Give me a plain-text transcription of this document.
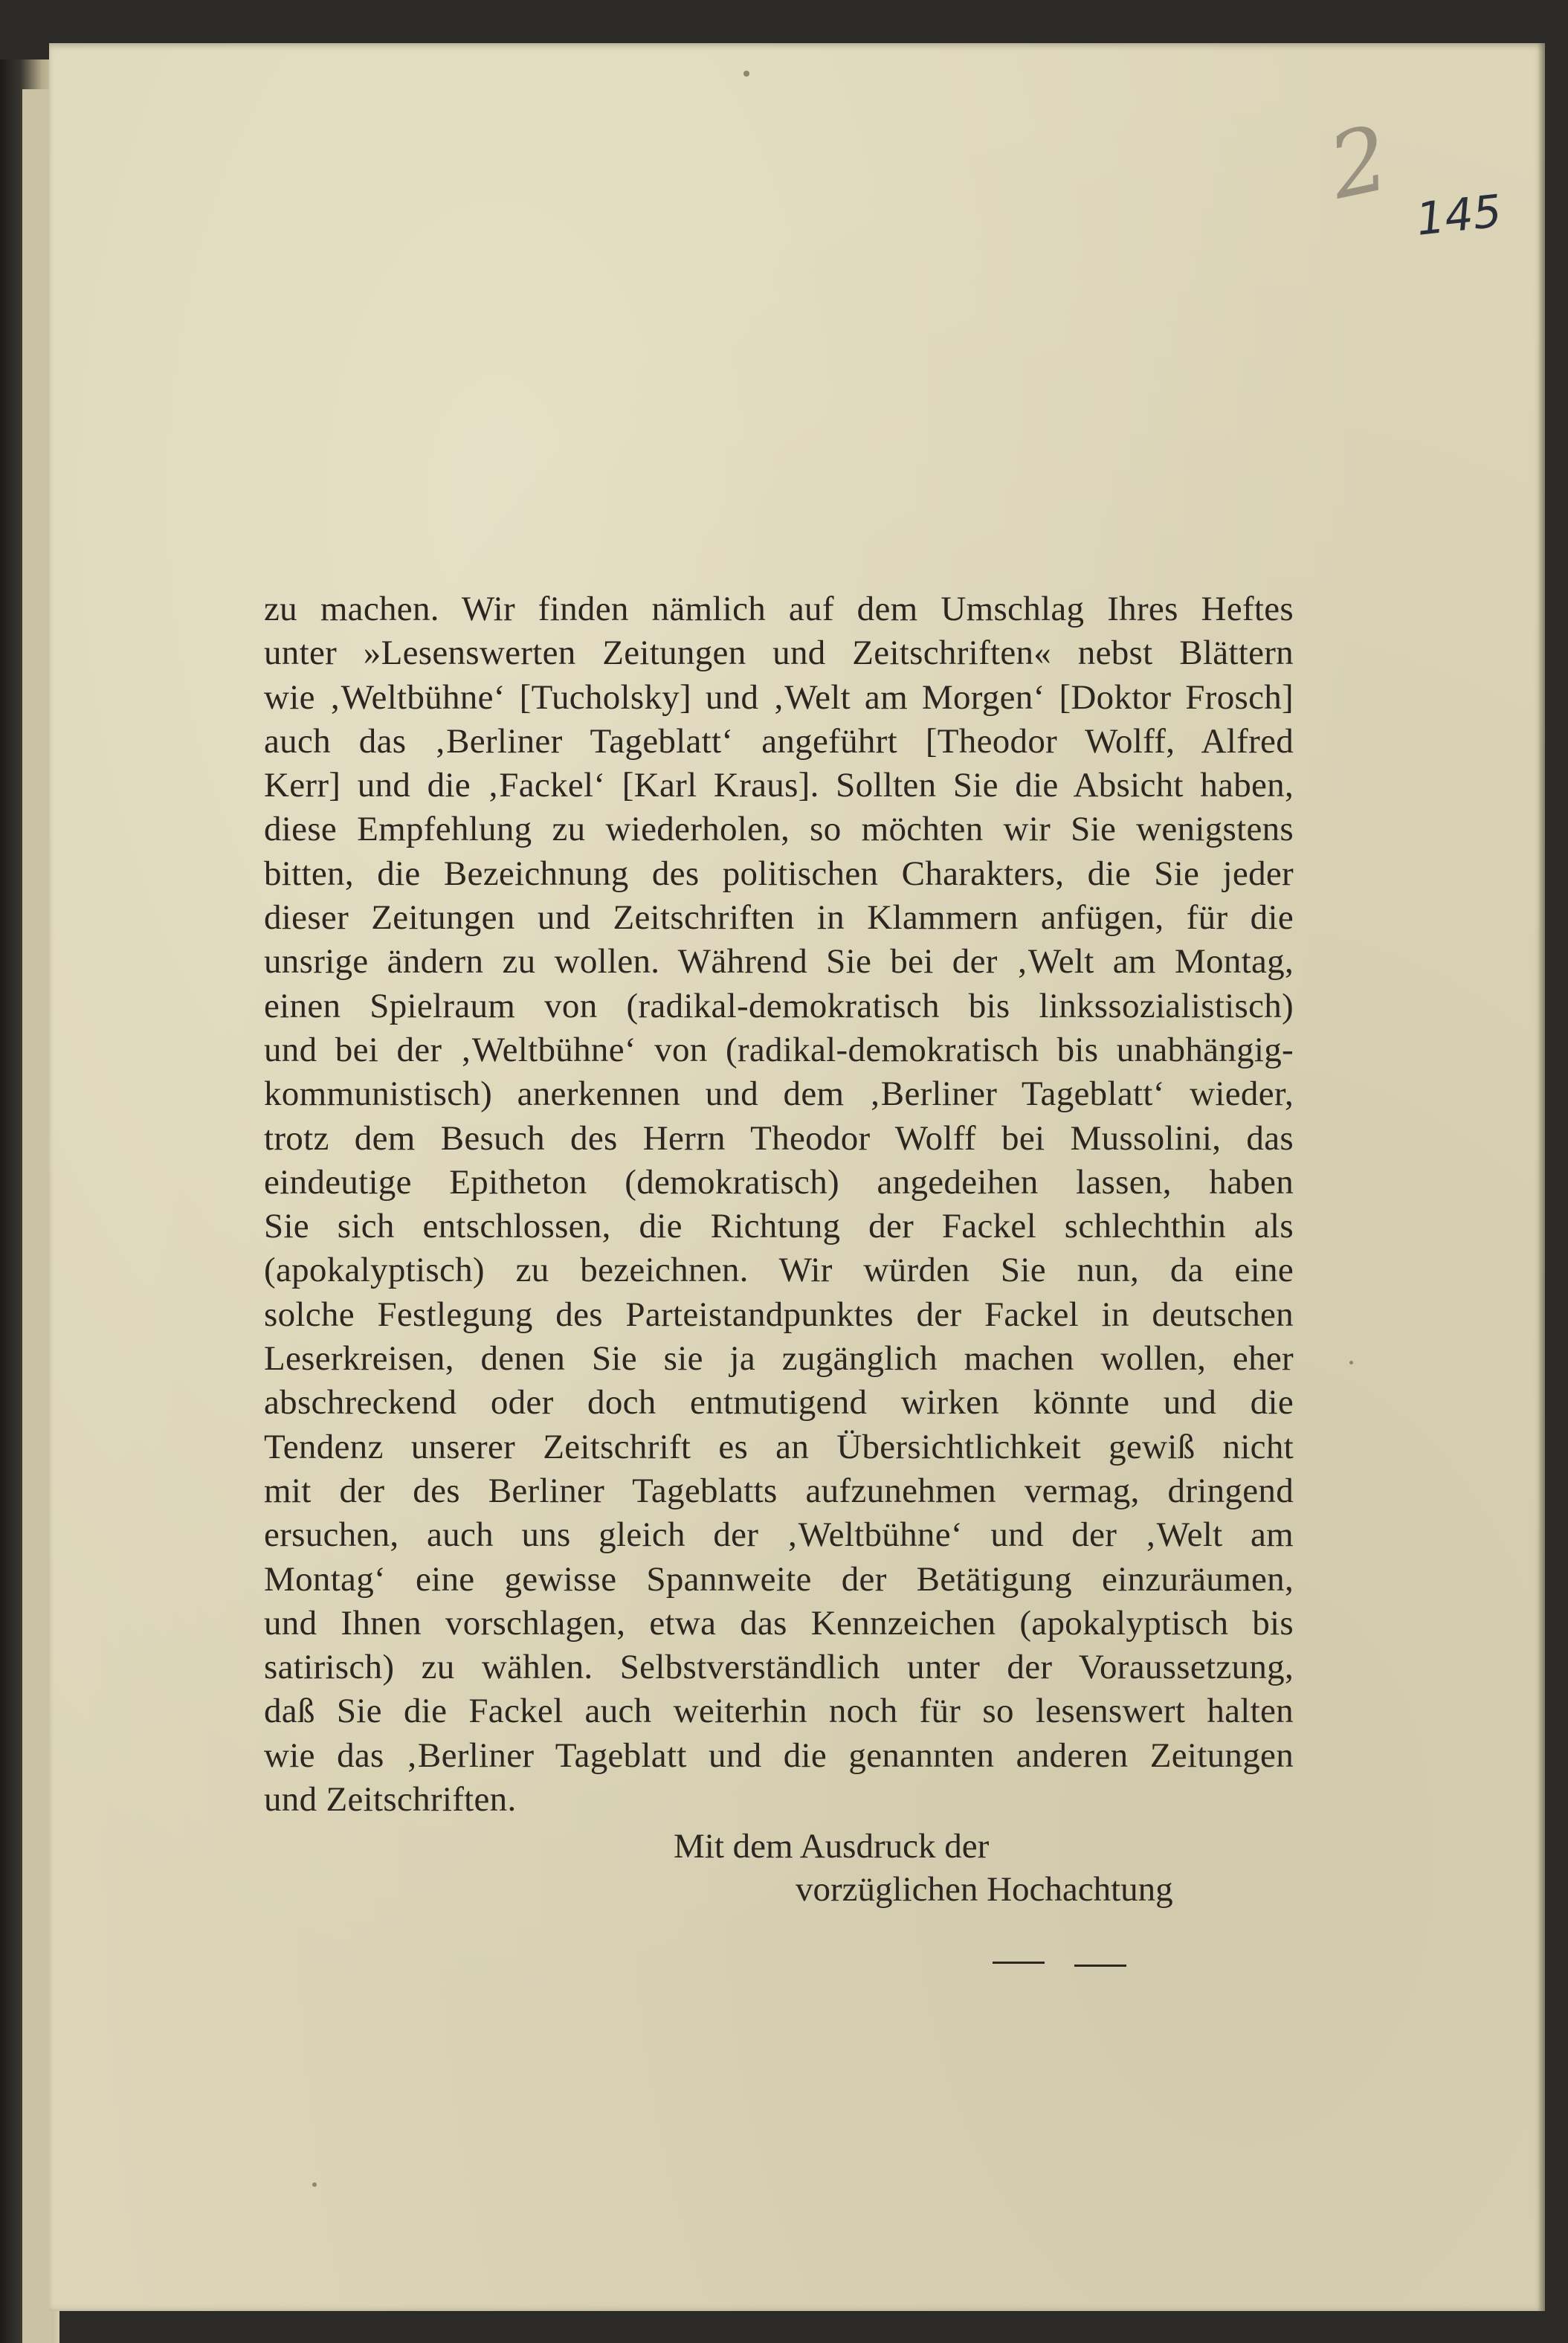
2 145
zu machen. Wir finden nämlich auf dem Umschlag Ihres Heftes
unter »Lesenswerten Zeitungen und Zeitschriften« nebst Blättern
wie ‚Weltbühne‘ [Tucholsky] und ‚Welt am Morgen‘ [Doktor Frosch]
auch das ‚Berliner Tageblatt‘ angeführt [Theodor Wolff, Alfred
Kerr] und die ‚Fackel‘ [Karl Kraus]. Sollten Sie die Absicht haben,
diese Empfehlung zu wiederholen, so möchten wir Sie wenigstens
bitten, die Bezeichnung des politischen Charakters, die Sie jeder
dieser Zeitungen und Zeitschriften in Klammern anfügen, für die
unsrige ändern zu wollen. Während Sie bei der ‚Welt am Montag,
einen Spielraum von (radikal-demokratisch bis linkssozialistisch)
und bei der ‚Weltbühne‘ von (radikal-demokratisch bis unabhängig-
kommunistisch) anerkennen und dem ‚Berliner Tageblatt‘ wieder,
trotz dem Besuch des Herrn Theodor Wolff bei Mussolini, das
eindeutige Epitheton (demokratisch) angedeihen lassen, haben
Sie sich entschlossen, die Richtung der Fackel schlechthin als
(apokalyptisch) zu bezeichnen. Wir würden Sie nun, da eine
solche Festlegung des Parteistandpunktes der Fackel in deutschen
Leserkreisen, denen Sie sie ja zugänglich machen wollen, eher
abschreckend oder doch entmutigend wirken könnte und die
Tendenz unserer Zeitschrift es an Übersichtlichkeit gewiß nicht
mit der des Berliner Tageblatts aufzunehmen vermag, dringend
ersuchen, auch uns gleich der ‚Weltbühne‘ und der ‚Welt am
Montag‘ eine gewisse Spannweite der Betätigung einzuräumen,
und Ihnen vorschlagen, etwa das Kennzeichen (apokalyptisch bis
satirisch) zu wählen. Selbstverständlich unter der Voraussetzung,
daß Sie die Fackel auch weiterhin noch für so lesenswert halten
wie das ‚Berliner Tageblatt und die genannten anderen Zeitungen
und Zeitschriften.
Mit dem Ausdruck der
vorzüglichen Hochachtung
